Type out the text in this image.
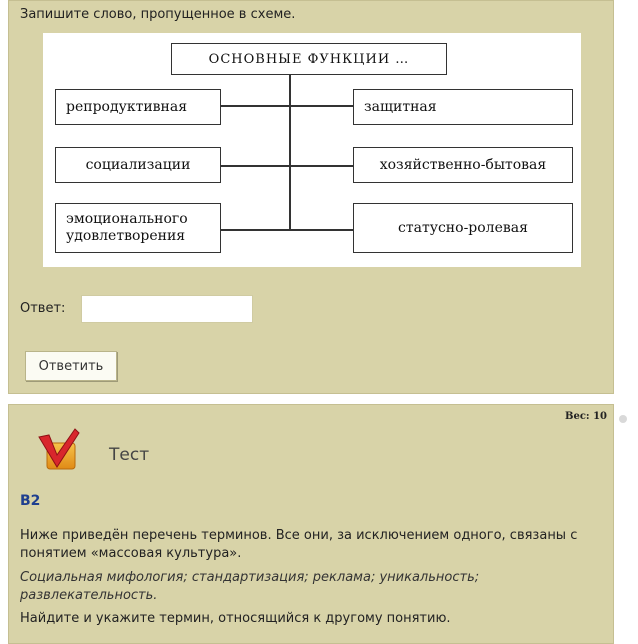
Запишите слово, пропущенное в схеме.
ОСНОВНЫЕ ФУНКЦИИ …
репродуктивная
социализации
эмоционального удовлетворения
защитная
хозяйственно-бытовая
статусно-ролевая
Ответ:
Ответить
Вес: 10
Тест
В2
Ниже приведён перечень терминов. Все они, за исключением одного, связаны с понятием «массовая культура».
Социальная мифология; стандартизация; реклама; уникальность; развлекательность.
Найдите и укажите термин, относящийся к другому понятию.
